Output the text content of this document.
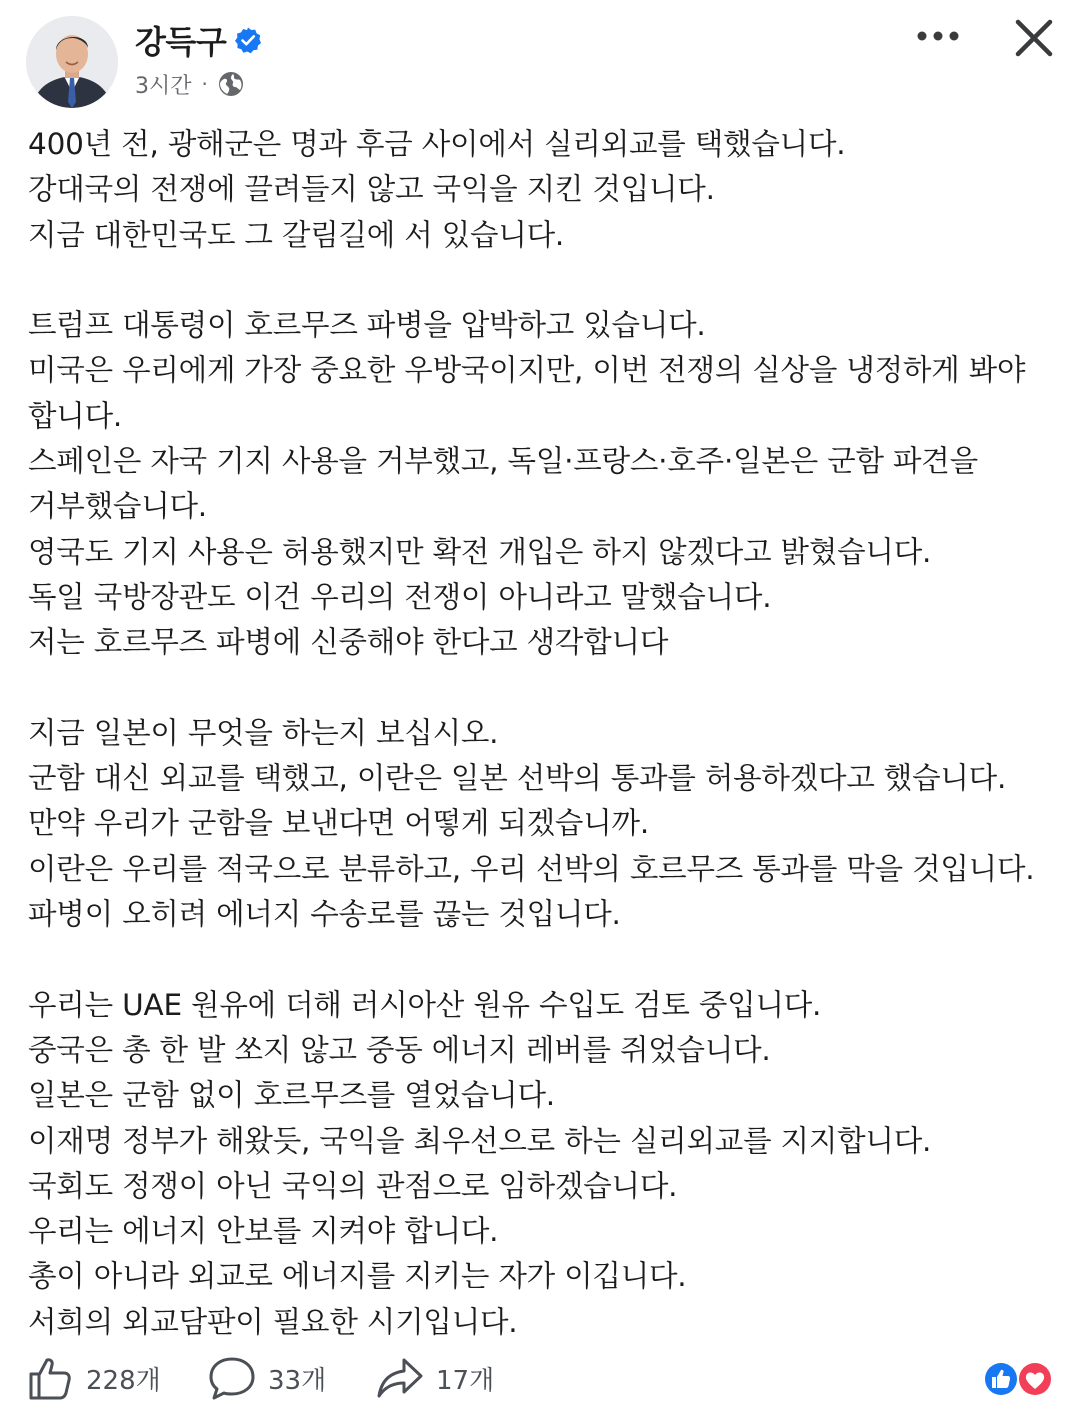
강득구
3시간 ·
400년 전, 광해군은 명과 후금 사이에서 실리외교를 택했습니다.
강대국의 전쟁에 끌려들지 않고 국익을 지킨 것입니다.
지금 대한민국도 그 갈림길에 서 있습니다.
트럼프 대통령이 호르무즈 파병을 압박하고 있습니다.
미국은 우리에게 가장 중요한 우방국이지만, 이번 전쟁의 실상을 냉정하게 봐야
합니다.
스페인은 자국 기지 사용을 거부했고, 독일·프랑스·호주·일본은 군함 파견을
거부했습니다.
영국도 기지 사용은 허용했지만 확전 개입은 하지 않겠다고 밝혔습니다.
독일 국방장관도 이건 우리의 전쟁이 아니라고 말했습니다.
저는 호르무즈 파병에 신중해야 한다고 생각합니다
지금 일본이 무엇을 하는지 보십시오.
군함 대신 외교를 택했고, 이란은 일본 선박의 통과를 허용하겠다고 했습니다.
만약 우리가 군함을 보낸다면 어떻게 되겠습니까.
이란은 우리를 적국으로 분류하고, 우리 선박의 호르무즈 통과를 막을 것입니다.
파병이 오히려 에너지 수송로를 끊는 것입니다.
우리는 UAE 원유에 더해 러시아산 원유 수입도 검토 중입니다.
중국은 총 한 발 쏘지 않고 중동 에너지 레버를 쥐었습니다.
일본은 군함 없이 호르무즈를 열었습니다.
이재명 정부가 해왔듯, 국익을 최우선으로 하는 실리외교를 지지합니다.
국회도 정쟁이 아닌 국익의 관점으로 임하겠습니다.
우리는 에너지 안보를 지켜야 합니다.
총이 아니라 외교로 에너지를 지키는 자가 이깁니다.
서희의 외교담판이 필요한 시기입니다.
228개	33개	17개
